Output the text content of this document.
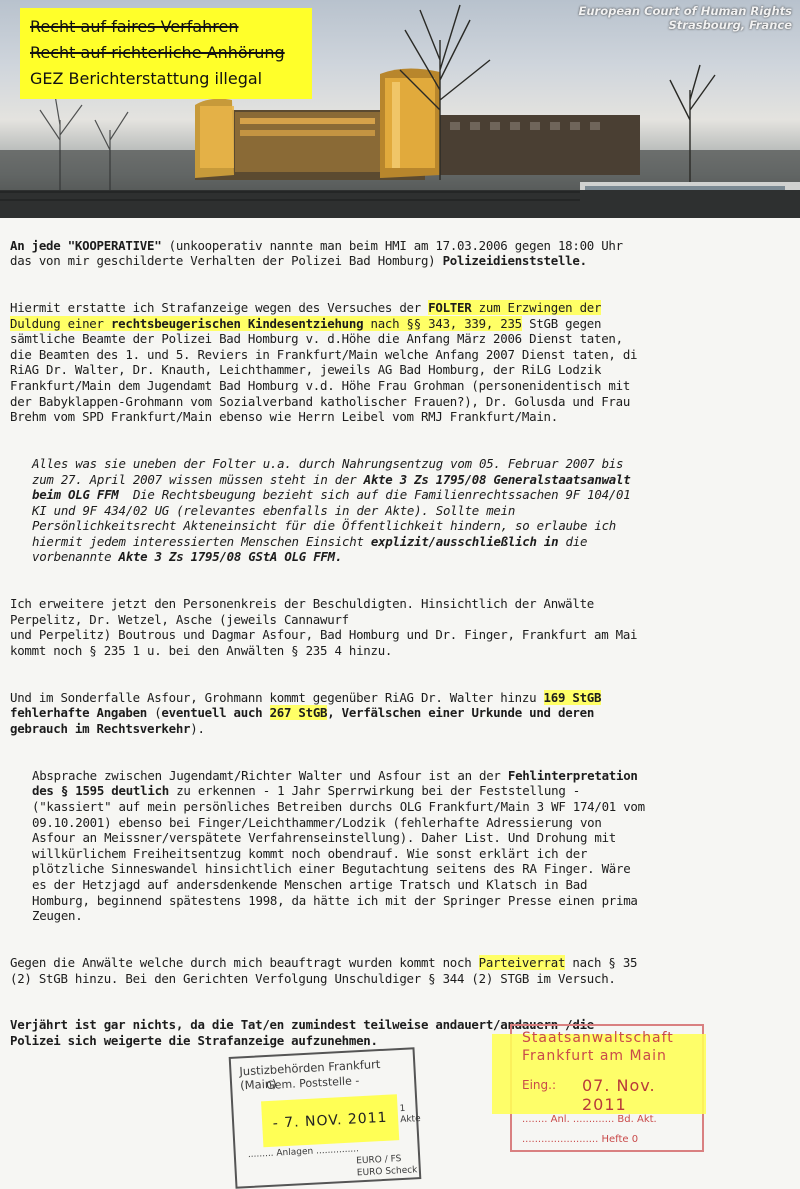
Recht auf faires Verfahren
Recht auf richterliche Anhörung
GEZ Berichterstattung illegal
European Court of Human Rights
Strasbourg, France

An jede "KOOPERATIVE" (unkooperativ nannte man beim HMI am 17.03.2006 gegen 18:00 Uhr
das von mir geschilderte Verhalten der Polizei Bad Homburg) Polizeidienststelle.

Hiermit erstatte ich Strafanzeige wegen des Versuches der FOLTER zum Erzwingen der
Duldung einer rechtsbeugerischen Kindesentziehung nach §§ 343, 339, 235 StGB gegen
sämtliche Beamte der Polizei Bad Homburg v. d.Höhe die Anfang März 2006 Dienst taten,
die Beamten des 1. und 5. Reviers in Frankfurt/Main welche Anfang 2007 Dienst taten, di
RiAG Dr. Walter, Dr. Knauth, Leichthammer, jeweils AG Bad Homburg, der RiLG Lodzik
Frankfurt/Main dem Jugendamt Bad Homburg v.d. Höhe Frau Grohman (personenidentisch mit
der Babyklappen-Grohmann vom Sozialverband katholischer Frauen?), Dr. Golusda und Frau
Brehm vom SPD Frankfurt/Main ebenso wie Herrn Leibel vom RMJ Frankfurt/Main.

Alles was sie uneben der Folter u.a. durch Nahrungsentzug vom 05. Februar 2007 bis
zum 27. April 2007 wissen müssen steht in der Akte 3 Zs 1795/08 Generalstaatsanwalt
beim OLG FFM  Die Rechtsbeugung bezieht sich auf die Familienrechtssachen 9F 104/01
KI und 9F 434/02 UG (relevantes ebenfalls in der Akte). Sollte mein
Persönlichkeitsrecht Akteneinsicht für die Öffentlichkeit hindern, so erlaube ich
hiermit jedem interessierten Menschen Einsicht explizit/ausschließlich in die
vorbenannte Akte 3 Zs 1795/08 GStA OLG FFM.

Ich erweitere jetzt den Personenkreis der Beschuldigten. Hinsichtlich der Anwälte
Perpelitz, Dr. Wetzel, Asche (jeweils Cannawurf
und Perpelitz) Boutrous und Dagmar Asfour, Bad Homburg und Dr. Finger, Frankfurt am Mai
kommt noch § 235 1 u. bei den Anwälten § 235 4 hinzu.

Und im Sonderfalle Asfour, Grohmann kommt gegenüber RiAG Dr. Walter hinzu 169 StGB
fehlerhafte Angaben (eventuell auch 267 StGB, Verfälschen einer Urkunde und deren
gebrauch im Rechtsverkehr).

Absprache zwischen Jugendamt/Richter Walter und Asfour ist an der Fehlinterpretation
des § 1595 deutlich zu erkennen - 1 Jahr Sperrwirkung bei der Feststellung -
("kassiert" auf mein persönliches Betreiben durchs OLG Frankfurt/Main 3 WF 174/01 vom
09.10.2001) ebenso bei Finger/Leichthammer/Lodzik (fehlerhafte Adressierung von
Asfour an Meissner/verspätete Verfahrenseinstellung). Daher List. Und Drohung mit
willkürlichem Freiheitsentzug kommt noch obendrauf. Wie sonst erklärt ich der
plötzliche Sinneswandel hinsichtlich einer Begutachtung seitens des RA Finger. Wäre
es der Hetzjagd auf andersdenkende Menschen artige Tratsch und Klatsch in Bad
Homburg, beginnend spätestens 1998, da hätte ich mit der Springer Presse einen prima
Zeugen.

Gegen die Anwälte welche durch mich beauftragt wurden kommt noch Parteiverrat nach § 35
(2) StGB hinzu. Bei den Gerichten Verfolgung Unschuldiger § 344 (2) STGB im Versuch.

Verjährt ist gar nichts, da die Tat/en zumindest teilweise andauert/andauern /die
Polizei sich weigerte die Strafanzeige aufzunehmen.

Justizbehörden Frankfurt (Main)
Gem. Poststelle -
- 7. NOV. 2011
1 Akte
......... Anlagen ...............
EURO / FS
EURO Scheck
Staatsanwaltschaft
Frankfurt am Main
Eing.: 07. Nov. 2011
........ Anl. ............. Bd. Akt.
........................ Hefte 0
